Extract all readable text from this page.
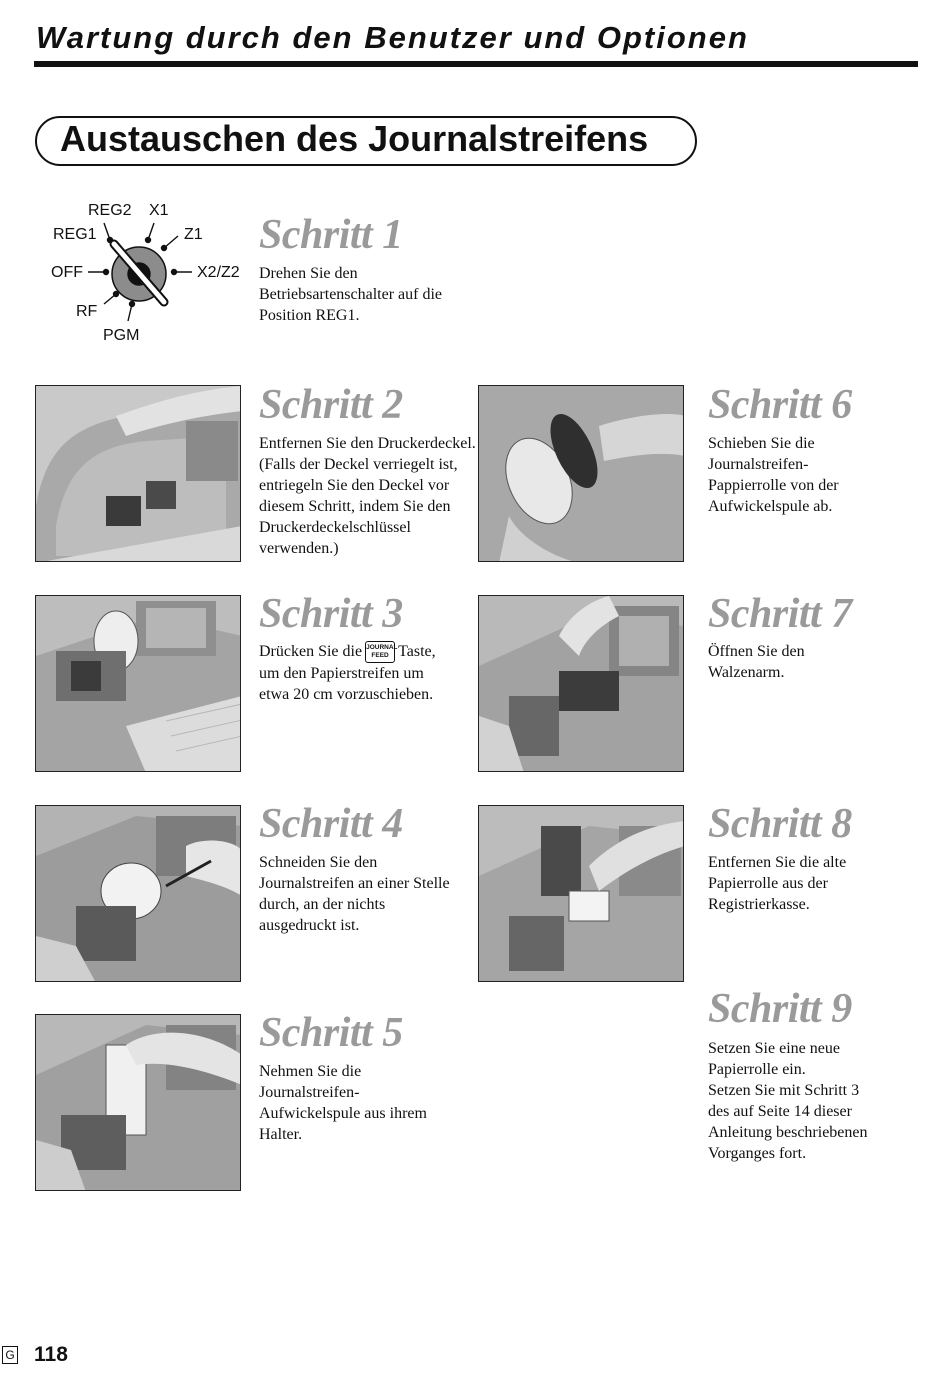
Wartung durch den Benutzer und Optionen
Austauschen des Journalstreifens
REG2 X1
REG1	Z1
OFF	X2/Z2
RF
PGM
Schritt 1

Drehen Sie den

Betriebsartenschalter auf die

Position REG1.

Schritt 2

Entfernen Sie den Druckerdeckel.

(Falls der Deckel verriegelt ist,

entriegeln Sie den Deckel vor

diesem Schritt, indem Sie den

Druckerdeckelschlüssel

verwenden.)

Schritt 3

Drücken Sie die JOURNAL
FEED Taste,

um den Papierstreifen um

etwa 20 cm vorzuschieben.

Schritt 4

Schneiden Sie den

Journalstreifen an einer Stelle

durch, an der nichts

ausgedruckt ist.

Schritt 5

Nehmen Sie die

Journalstreifen-

Aufwickelspule aus ihrem

Halter.

Schritt 6

Schieben Sie die

Journalstreifen-

Pappierrolle von der

Aufwickelspule ab.

Schritt 7

Öffnen Sie den

Walzenarm.

Schritt 8

Entfernen Sie die alte

Papierrolle aus der

Registrierkasse.

Schritt 9

Setzen Sie eine neue

Papierrolle ein.

Setzen Sie mit Schritt 3

des auf Seite 14 dieser

Anleitung beschriebenen

Vorganges fort.

G 118
